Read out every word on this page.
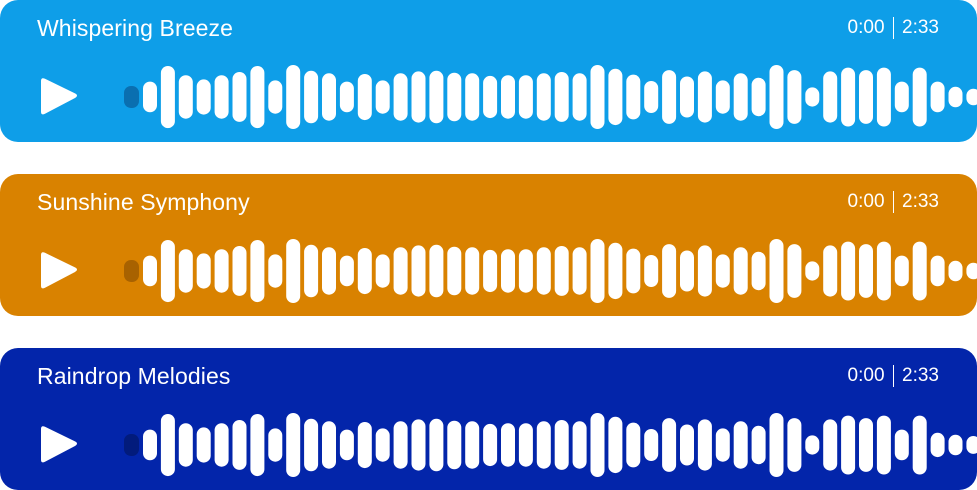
Whispering Breeze	0:00 2:33
Sunshine Symphony	0:00 2:33
Raindrop Melodies	0:00 2:33
